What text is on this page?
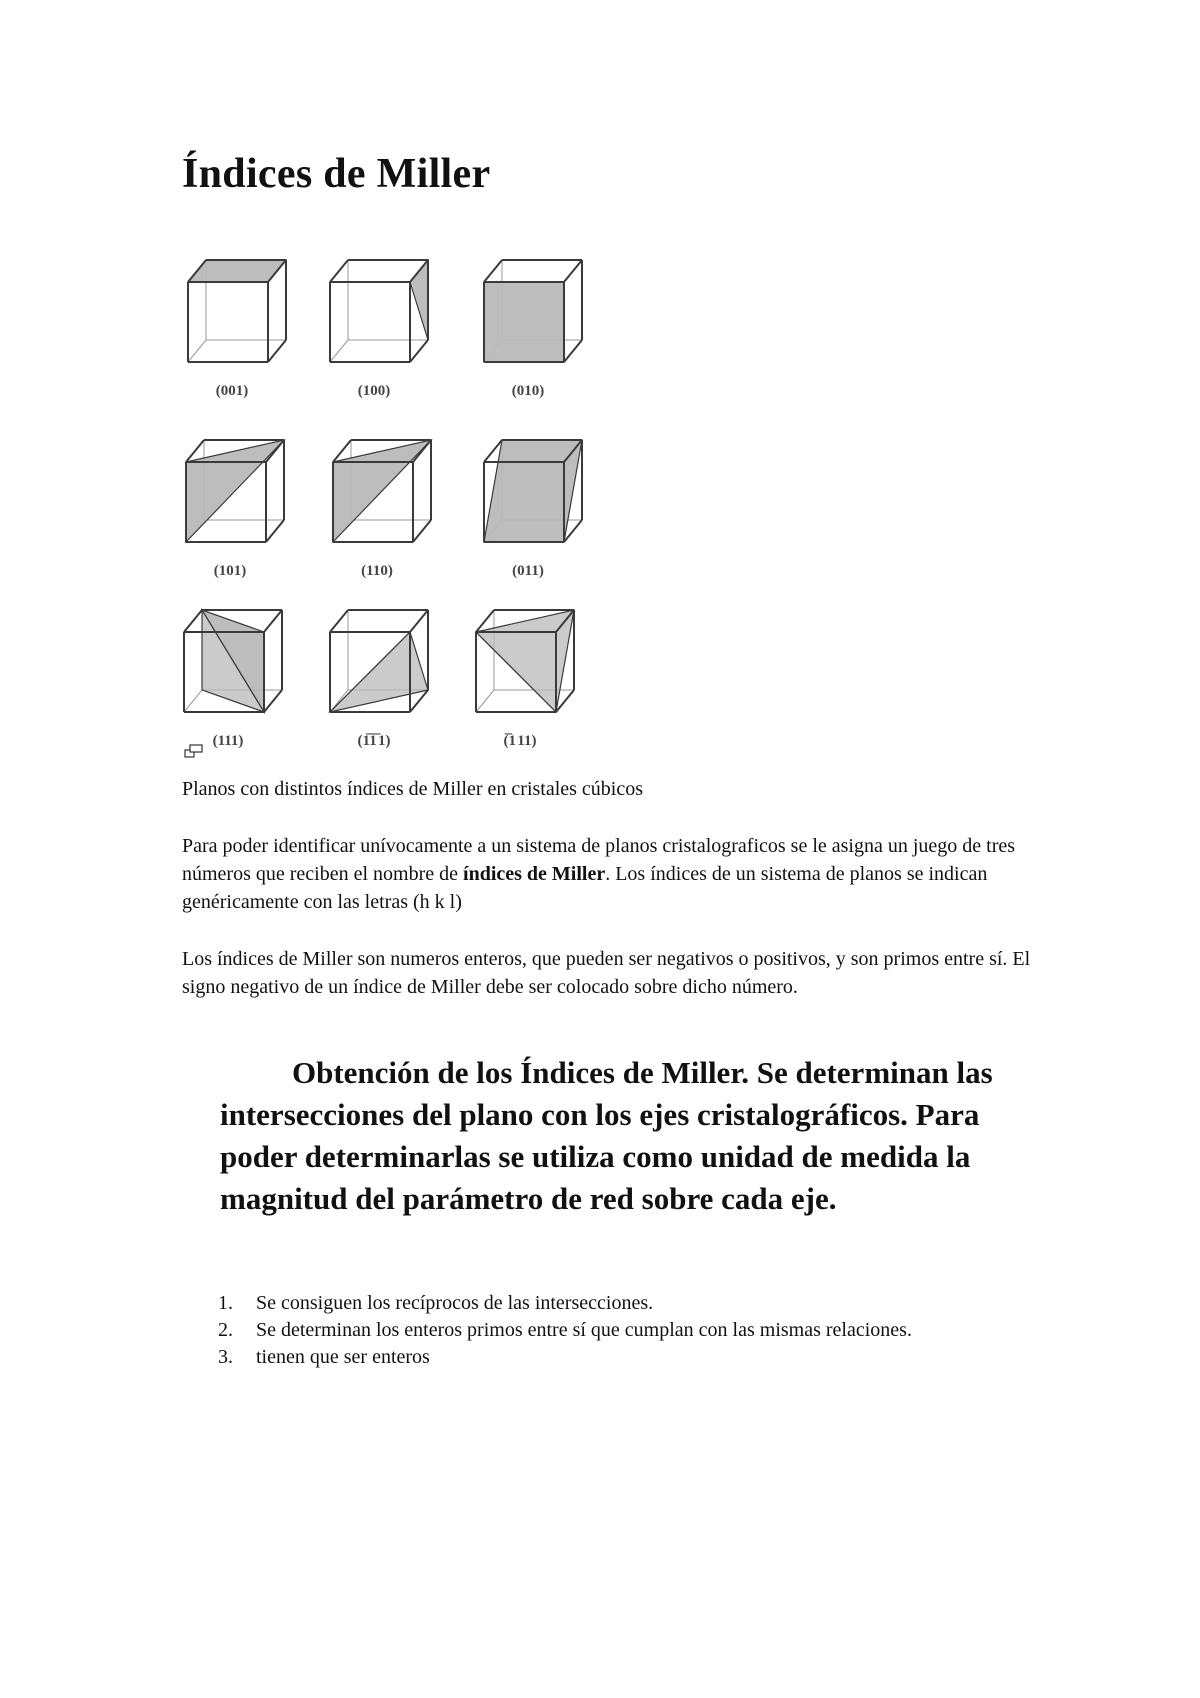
Índices de Miller
(001)	(100)	(010)
(101)	(110)	(011)
(111)	(1̅1̅ 1)	(̅1 11)

Planos con distintos índices de Miller en cristales cúbicos

Para poder identificar unívocamente a un sistema de planos cristalograficos se le asigna un juego de tres números que reciben el nombre de índices de Miller. Los índices de un sistema de planos se indican genéricamente con las letras (h k l)

Los índices de Miller son numeros enteros, que pueden ser negativos o positivos, y son primos entre sí. El signo negativo de un índice de Miller debe ser colocado sobre dicho número.

Obtención de los Índices de Miller. Se determinan las intersecciones del plano con los ejes cristalográficos. Para poder determinarlas se utiliza como unidad de medida la magnitud del parámetro de red sobre cada eje.
1. Se consiguen los recíprocos de las intersecciones.
2. Se determinan los enteros primos entre sí que cumplan con las mismas relaciones.
3. tienen que ser enteros
